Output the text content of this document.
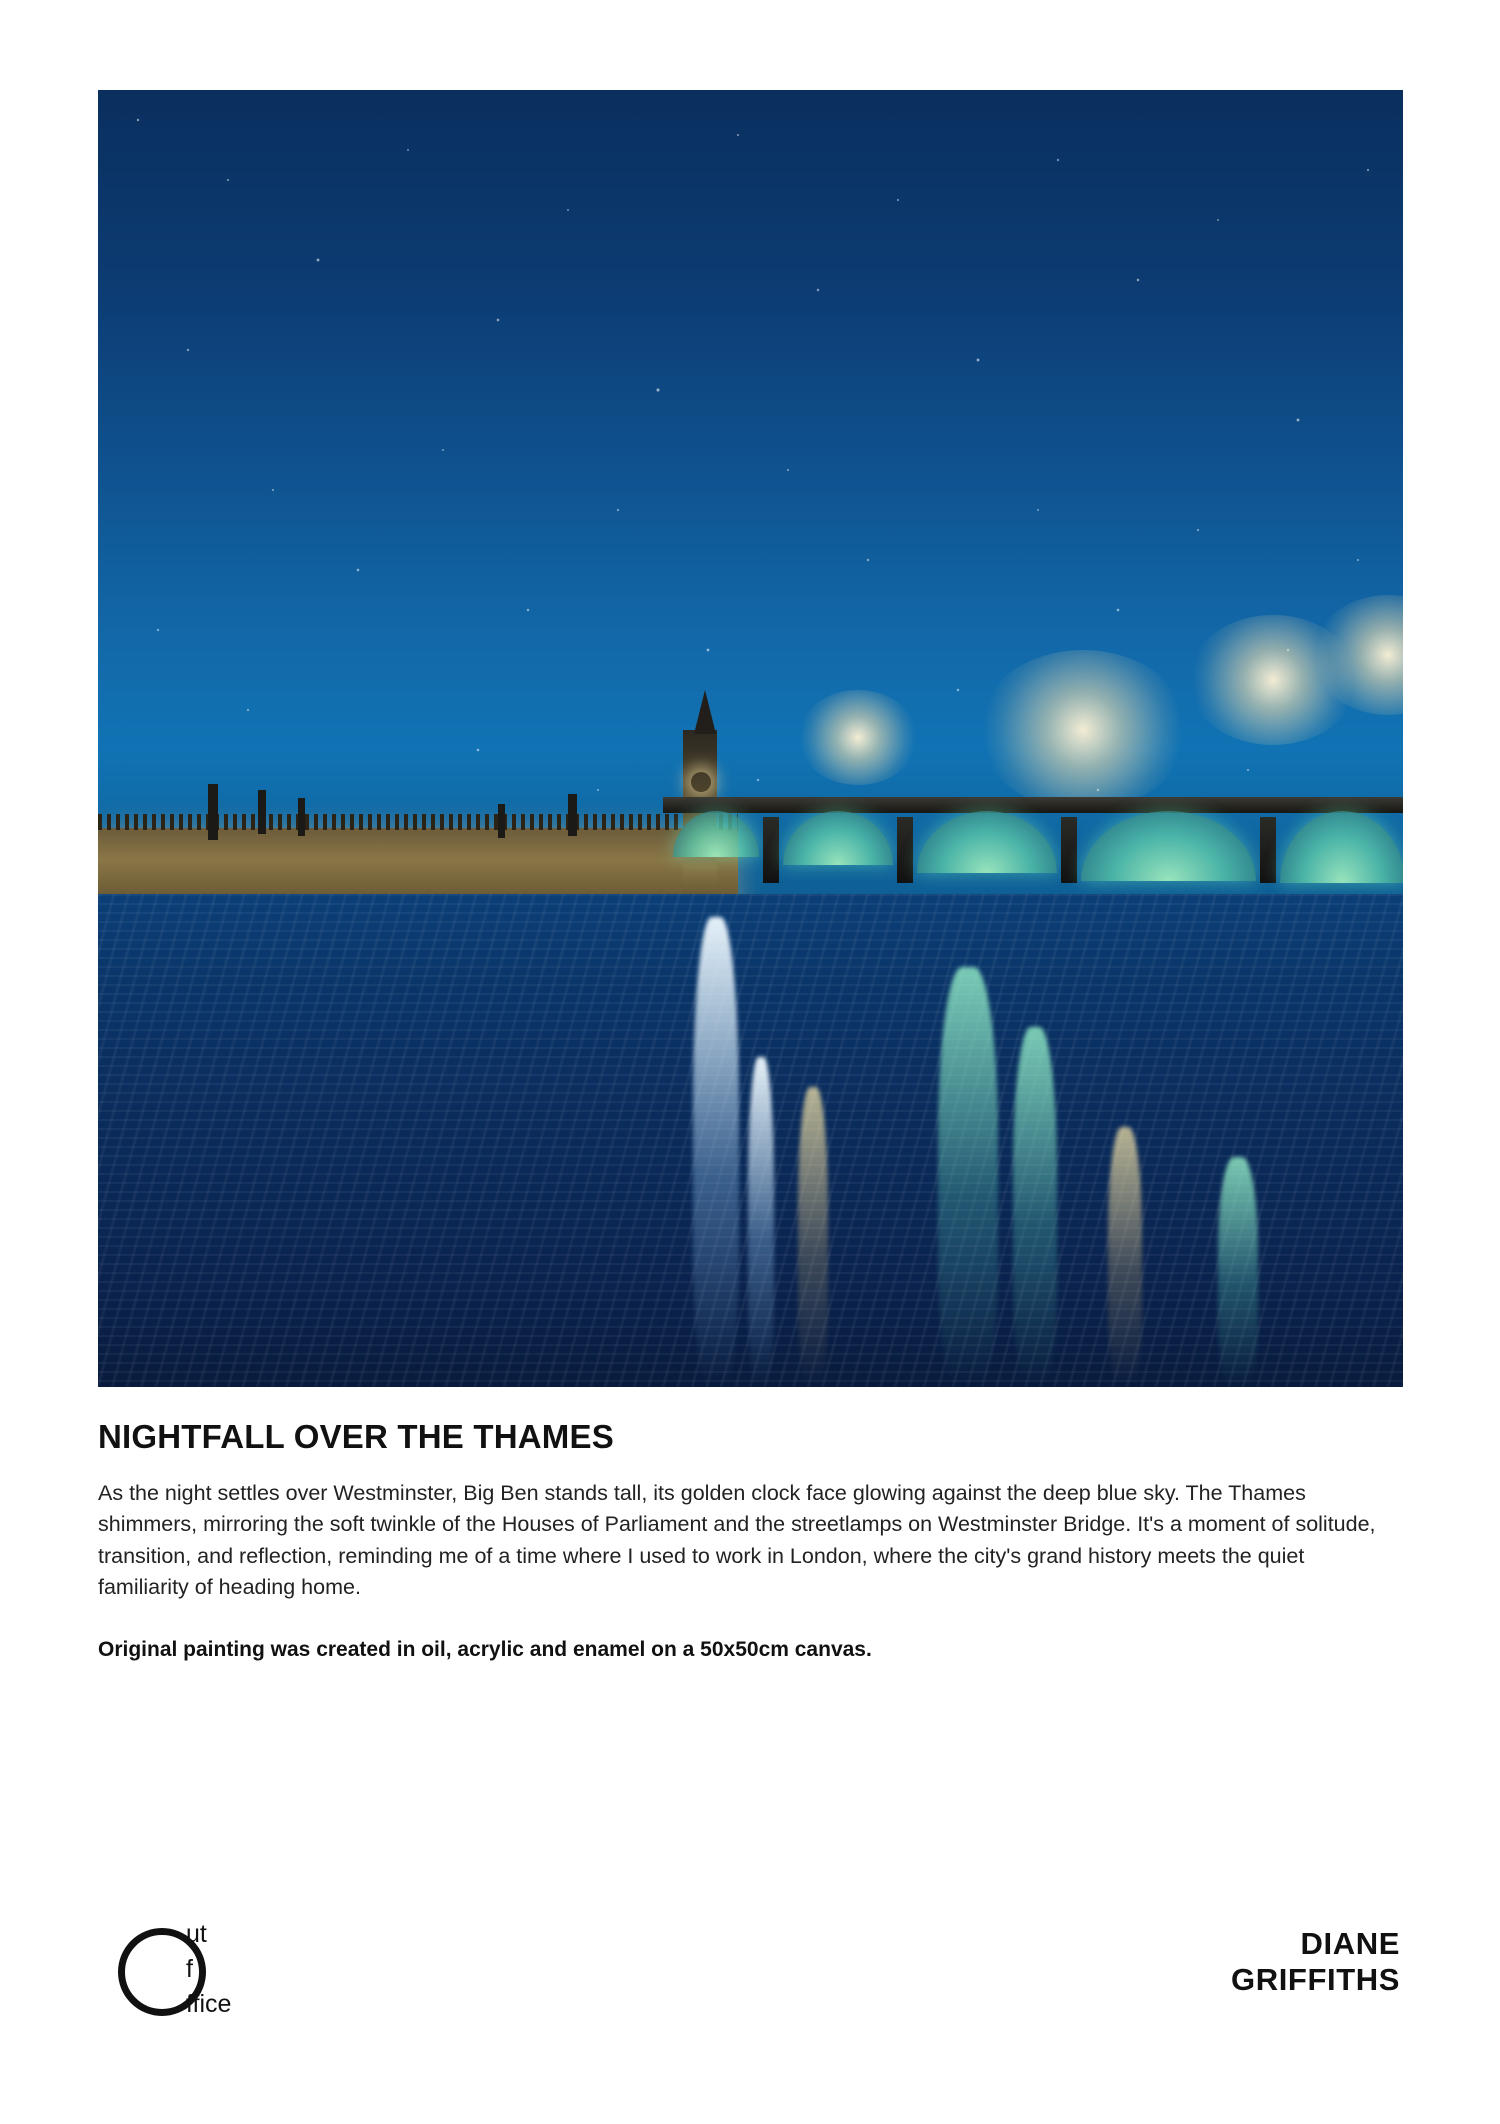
NIGHTFALL OVER THE THAMES

As the night settles over Westminster, Big Ben stands tall, its golden clock face glowing against the deep blue sky. The Thames shimmers, mirroring the soft twinkle of the Houses of Parliament and the streetlamps on Westminster Bridge. It's a moment of solitude, transition, and reflection, reminding me of a time where I used to work in London, where the city's grand history meets the quiet familiarity of heading home.

Original painting was created in oil, acrylic and enamel on a 50x50cm canvas.

ut
f
ffice
DIANE
GRIFFITHS
